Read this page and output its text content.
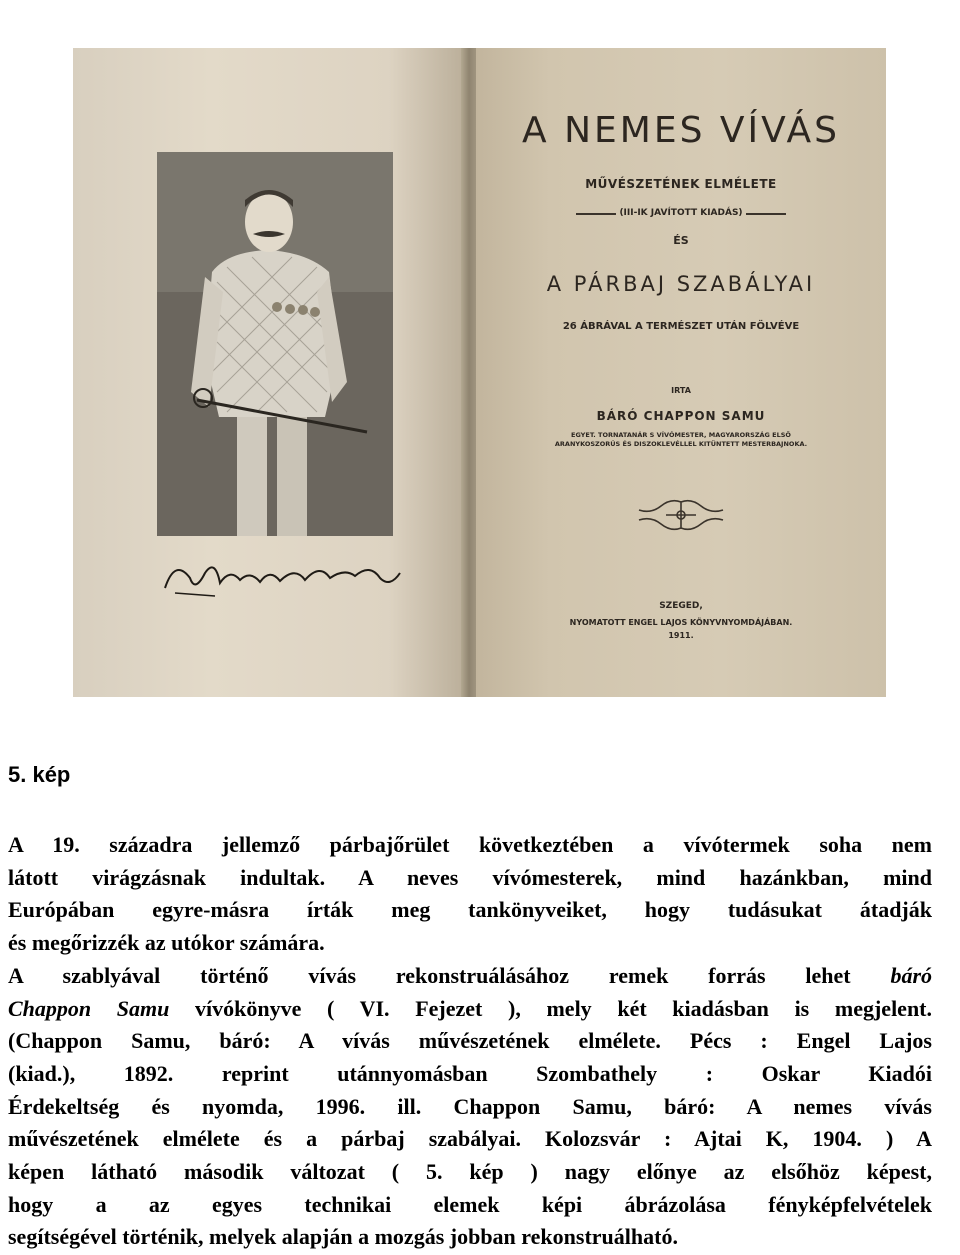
A NEMES VÍVÁS
MŰVÉSZETÉNEK ELMÉLETE
(III-IK JAVÍTOTT KIADÁS)
ÉS
A PÁRBAJ SZABÁLYAI
26 ÁBRÁVAL A TERMÉSZET UTÁN FÖLVÉVE
IRTA
BÁRÓ CHAPPON SAMU
EGYET. TORNATANÁR S VÍVÓMESTER, MAGYARORSZÁG ELSŐ
ARANYKOSZORÚS ÉS DISZOKLEVÉLLEL KITÜNTETT MESTERBAJNOKA.
SZEGED,
NYOMATOTT ENGEL LAJOS KÖNYVNYOMDÁJÁBAN.
1911.
5. kép
A 19. századra jellemző párbajőrület következtében a vívótermek soha nem
látott virágzásnak indultak. A neves vívómesterek, mind hazánkban, mind
Európában egyre-másra írták meg tankönyveiket, hogy tudásukat átadják
és megőrizzék az utókor számára.
A szablyával történő vívás rekonstruálásához remek forrás lehet báró
Chappon Samu vívókönyve ( VI. Fejezet ), mely két kiadásban is megjelent.
(Chappon Samu, báró: A vívás művészetének elmélete. Pécs : Engel Lajos
(kiad.), 1892. reprint utánnyomásban Szombathely : Oskar Kiadói
Érdekeltség és nyomda, 1996. ill. Chappon Samu, báró: A nemes vívás
művészetének elmélete és a párbaj szabályai. Kolozsvár : Ajtai K, 1904. ) A
képen látható második változat ( 5. kép ) nagy előnye az elsőhöz képest,
hogy a az egyes technikai elemek képi ábrázolása fényképfelvételek
segítségével történik, melyek alapján a mozgás jobban rekonstruálható.
